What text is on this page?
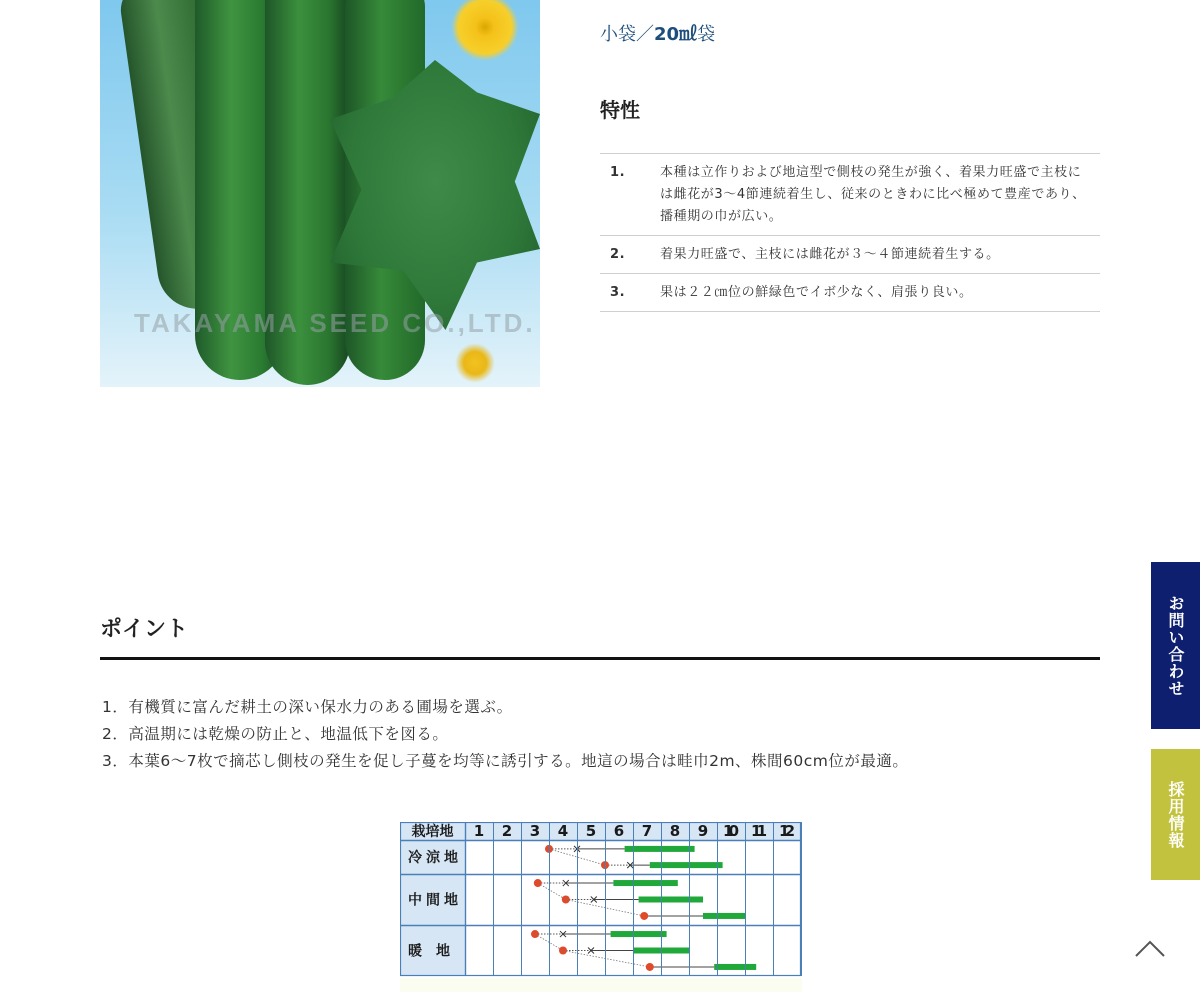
TAKAYAMA SEED CO.,LTD.
小袋／20㎖袋
特性
1.	本種は立作りおよび地這型で側枝の発生が強く、着果力旺盛で主枝には雌花が3〜4節連続着生し、従来のときわに比べ極めて豊産であり、播種期の巾が広い。
2.	着果力旺盛で、主枝には雌花が３〜４節連続着生する。
3.	果は２２㎝位の鮮緑色でイボ少なく、肩張り良い。
ポイント
1．有機質に富んだ耕土の深い保水力のある圃場を選ぶ。
2．高温期には乾燥の防止と、地温低下を図る。
3．本葉6〜7枚で摘芯し側枝の発生を促し子蔓を均等に誘引する。地這の場合は畦巾2m、株間60cm位が最適。
栽培地 1 2 3 4 5 6 7 8 9 10 11 12
冷涼地
中間地
暖地
お問い合わせ
採用情報
